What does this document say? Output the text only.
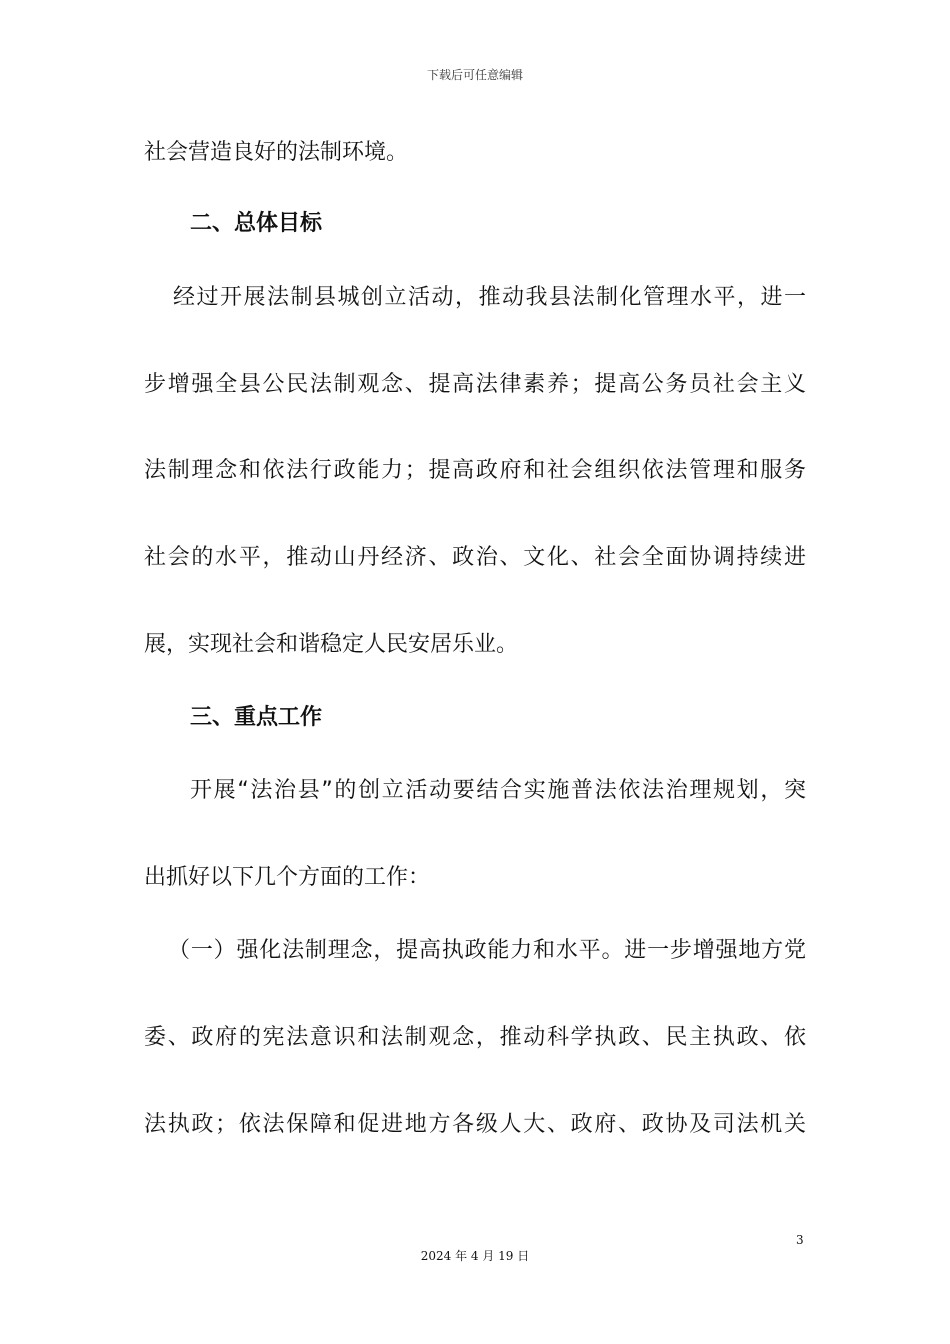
下载后可任意编辑
社会营造良好的法制环境。
二、总体目标
经过开展法制县城创立活动，推动我县法制化管理水平，进一
步增强全县公民法制观念、提高法律素养；提高公务员社会主义
法制理念和依法行政能力；提高政府和社会组织依法管理和服务
社会的水平，推动山丹经济、政治、文化、社会全面协调持续进
展，实现社会和谐稳定人民安居乐业。
三、重点工作
开展“法治县”的创立活动要结合实施普法依法治理规划，突
出抓好以下几个方面的工作：
（一）强化法制理念，提高执政能力和水平。进一步增强地方党
委、政府的宪法意识和法制观念，推动科学执政、民主执政、依
法执政；依法保障和促进地方各级人大、政府、政协及司法机关
3
2024 年 4 月 19 日
